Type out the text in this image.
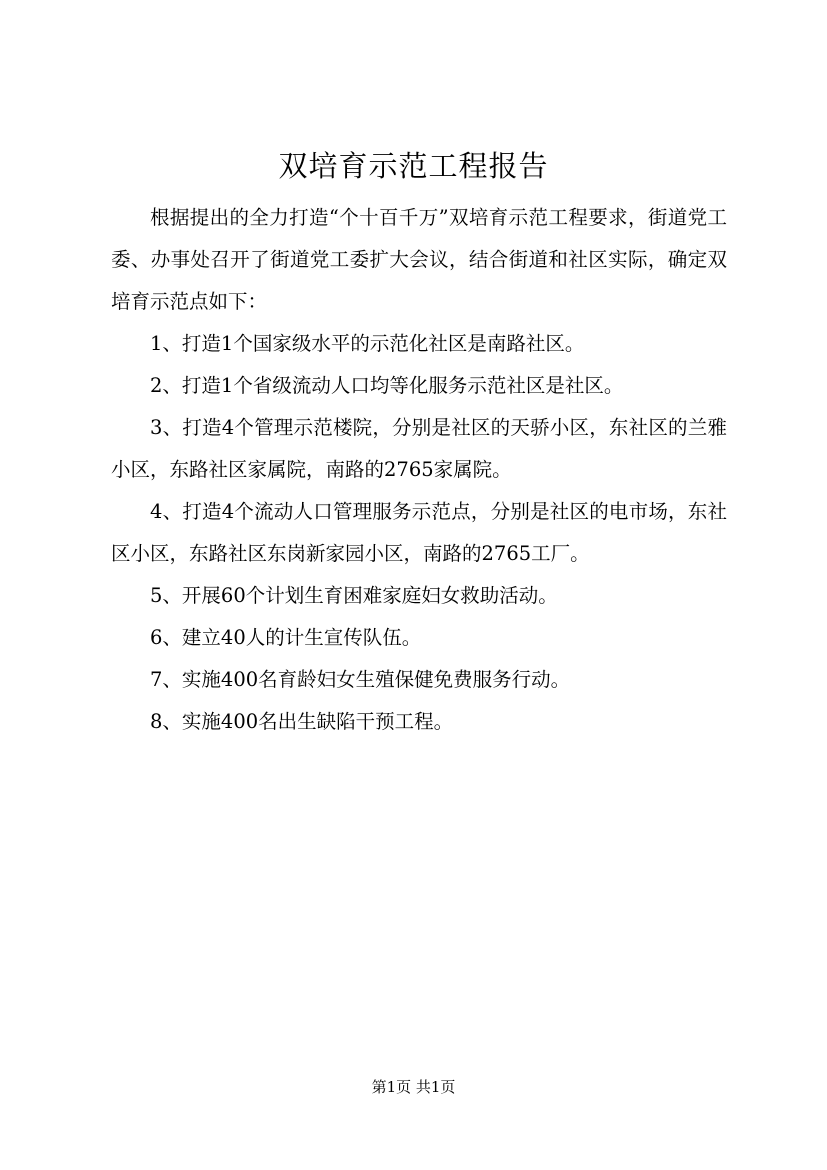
双培育示范工程报告

根据提出的全力打造“个十百千万”双培育示范工程要求，街道党工委、办事处召开了街道党工委扩大会议，结合街道和社区实际，确定双培育示范点如下：

1、打造1个国家级水平的示范化社区是南路社区。

2、打造1个省级流动人口均等化服务示范社区是社区。

3、打造4个管理示范楼院，分别是社区的天骄小区，东社区的兰雅小区，东路社区家属院，南路的2765家属院。

4、打造4个流动人口管理服务示范点，分别是社区的电市场，东社区小区，东路社区东岗新家园小区，南路的2765工厂。

5、开展60个计划生育困难家庭妇女救助活动。

6、建立40人的计生宣传队伍。

7、实施400名育龄妇女生殖保健免费服务行动。

8、实施400名出生缺陷干预工程。

第1页 共1页
